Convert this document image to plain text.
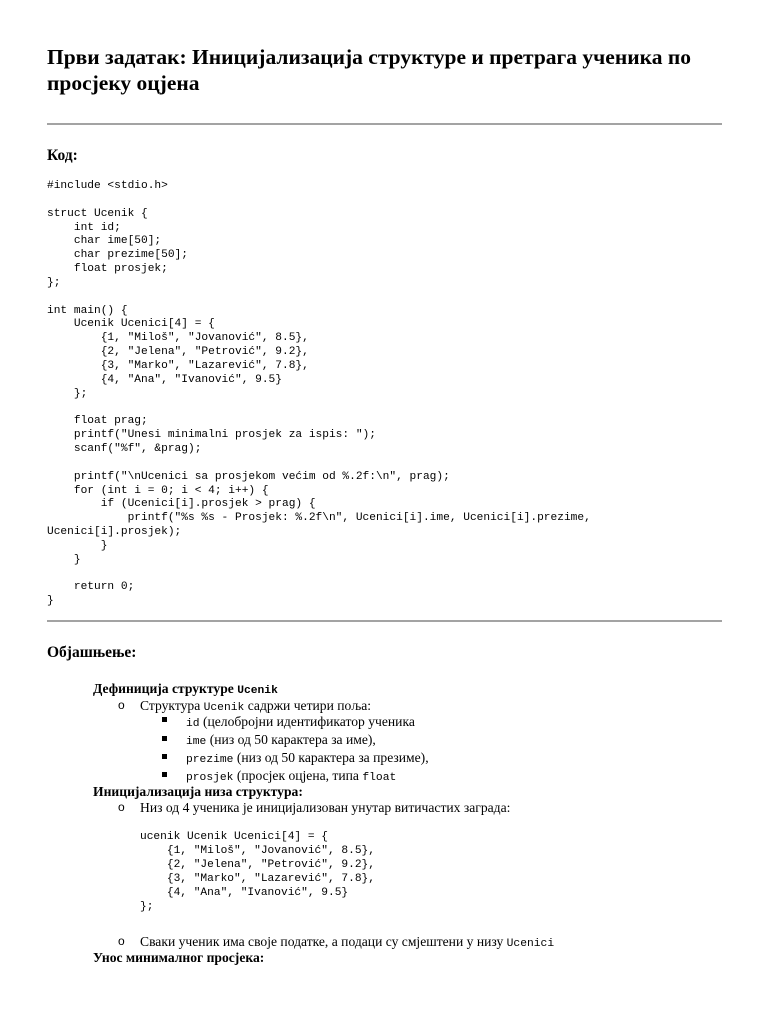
Први задатак: Иницијализација структуре и претрага ученика по просјеку оцјена
Код:
#include <stdio.h>

struct Ucenik {
int id;
char ime[50];
char prezime[50];
float prosjek;
};

int main() {
Ucenik Ucenici[4] = {
{1, "Miloš", "Jovanović", 8.5},
{2, "Jelena", "Petrović", 9.2},
{3, "Marko", "Lazarević", 7.8},
{4, "Ana", "Ivanović", 9.5}
};

float prag;
printf("Unesi minimalni prosjek za ispis: ");
scanf("%f", &prag);

printf("\nUcenici sa prosjekom većim od %.2f:\n", prag);
for (int i = 0; i < 4; i++) {
if (Ucenici[i].prosjek > prag) {
printf("%s %s - Prosjek: %.2f\n", Ucenici[i].ime, Ucenici[i].prezime,
Ucenici[i].prosjek);
}
}

return 0;
}
Објашњење:
Дефиниција структуре Ucenik
o Структура Ucenik садржи четири поља:
id (целобројни идентификатор ученика
ime (низ од 50 карактера за име),
prezime (низ од 50 карактера за презиме),
prosjek (просјек оцјена, типа float
Иницијализација низа структура:
o Низ од 4 ученика је иницијализован унутар витичастих заграда:
ucenik Ucenik Ucenici[4] = {
{1, "Miloš", "Jovanović", 8.5},
{2, "Jelena", "Petrović", 9.2},
{3, "Marko", "Lazarević", 7.8},
{4, "Ana", "Ivanović", 9.5}
};
o Сваки ученик има своје податке, а подаци су смјештени у низу Ucenici
Унос минималног просјека:
